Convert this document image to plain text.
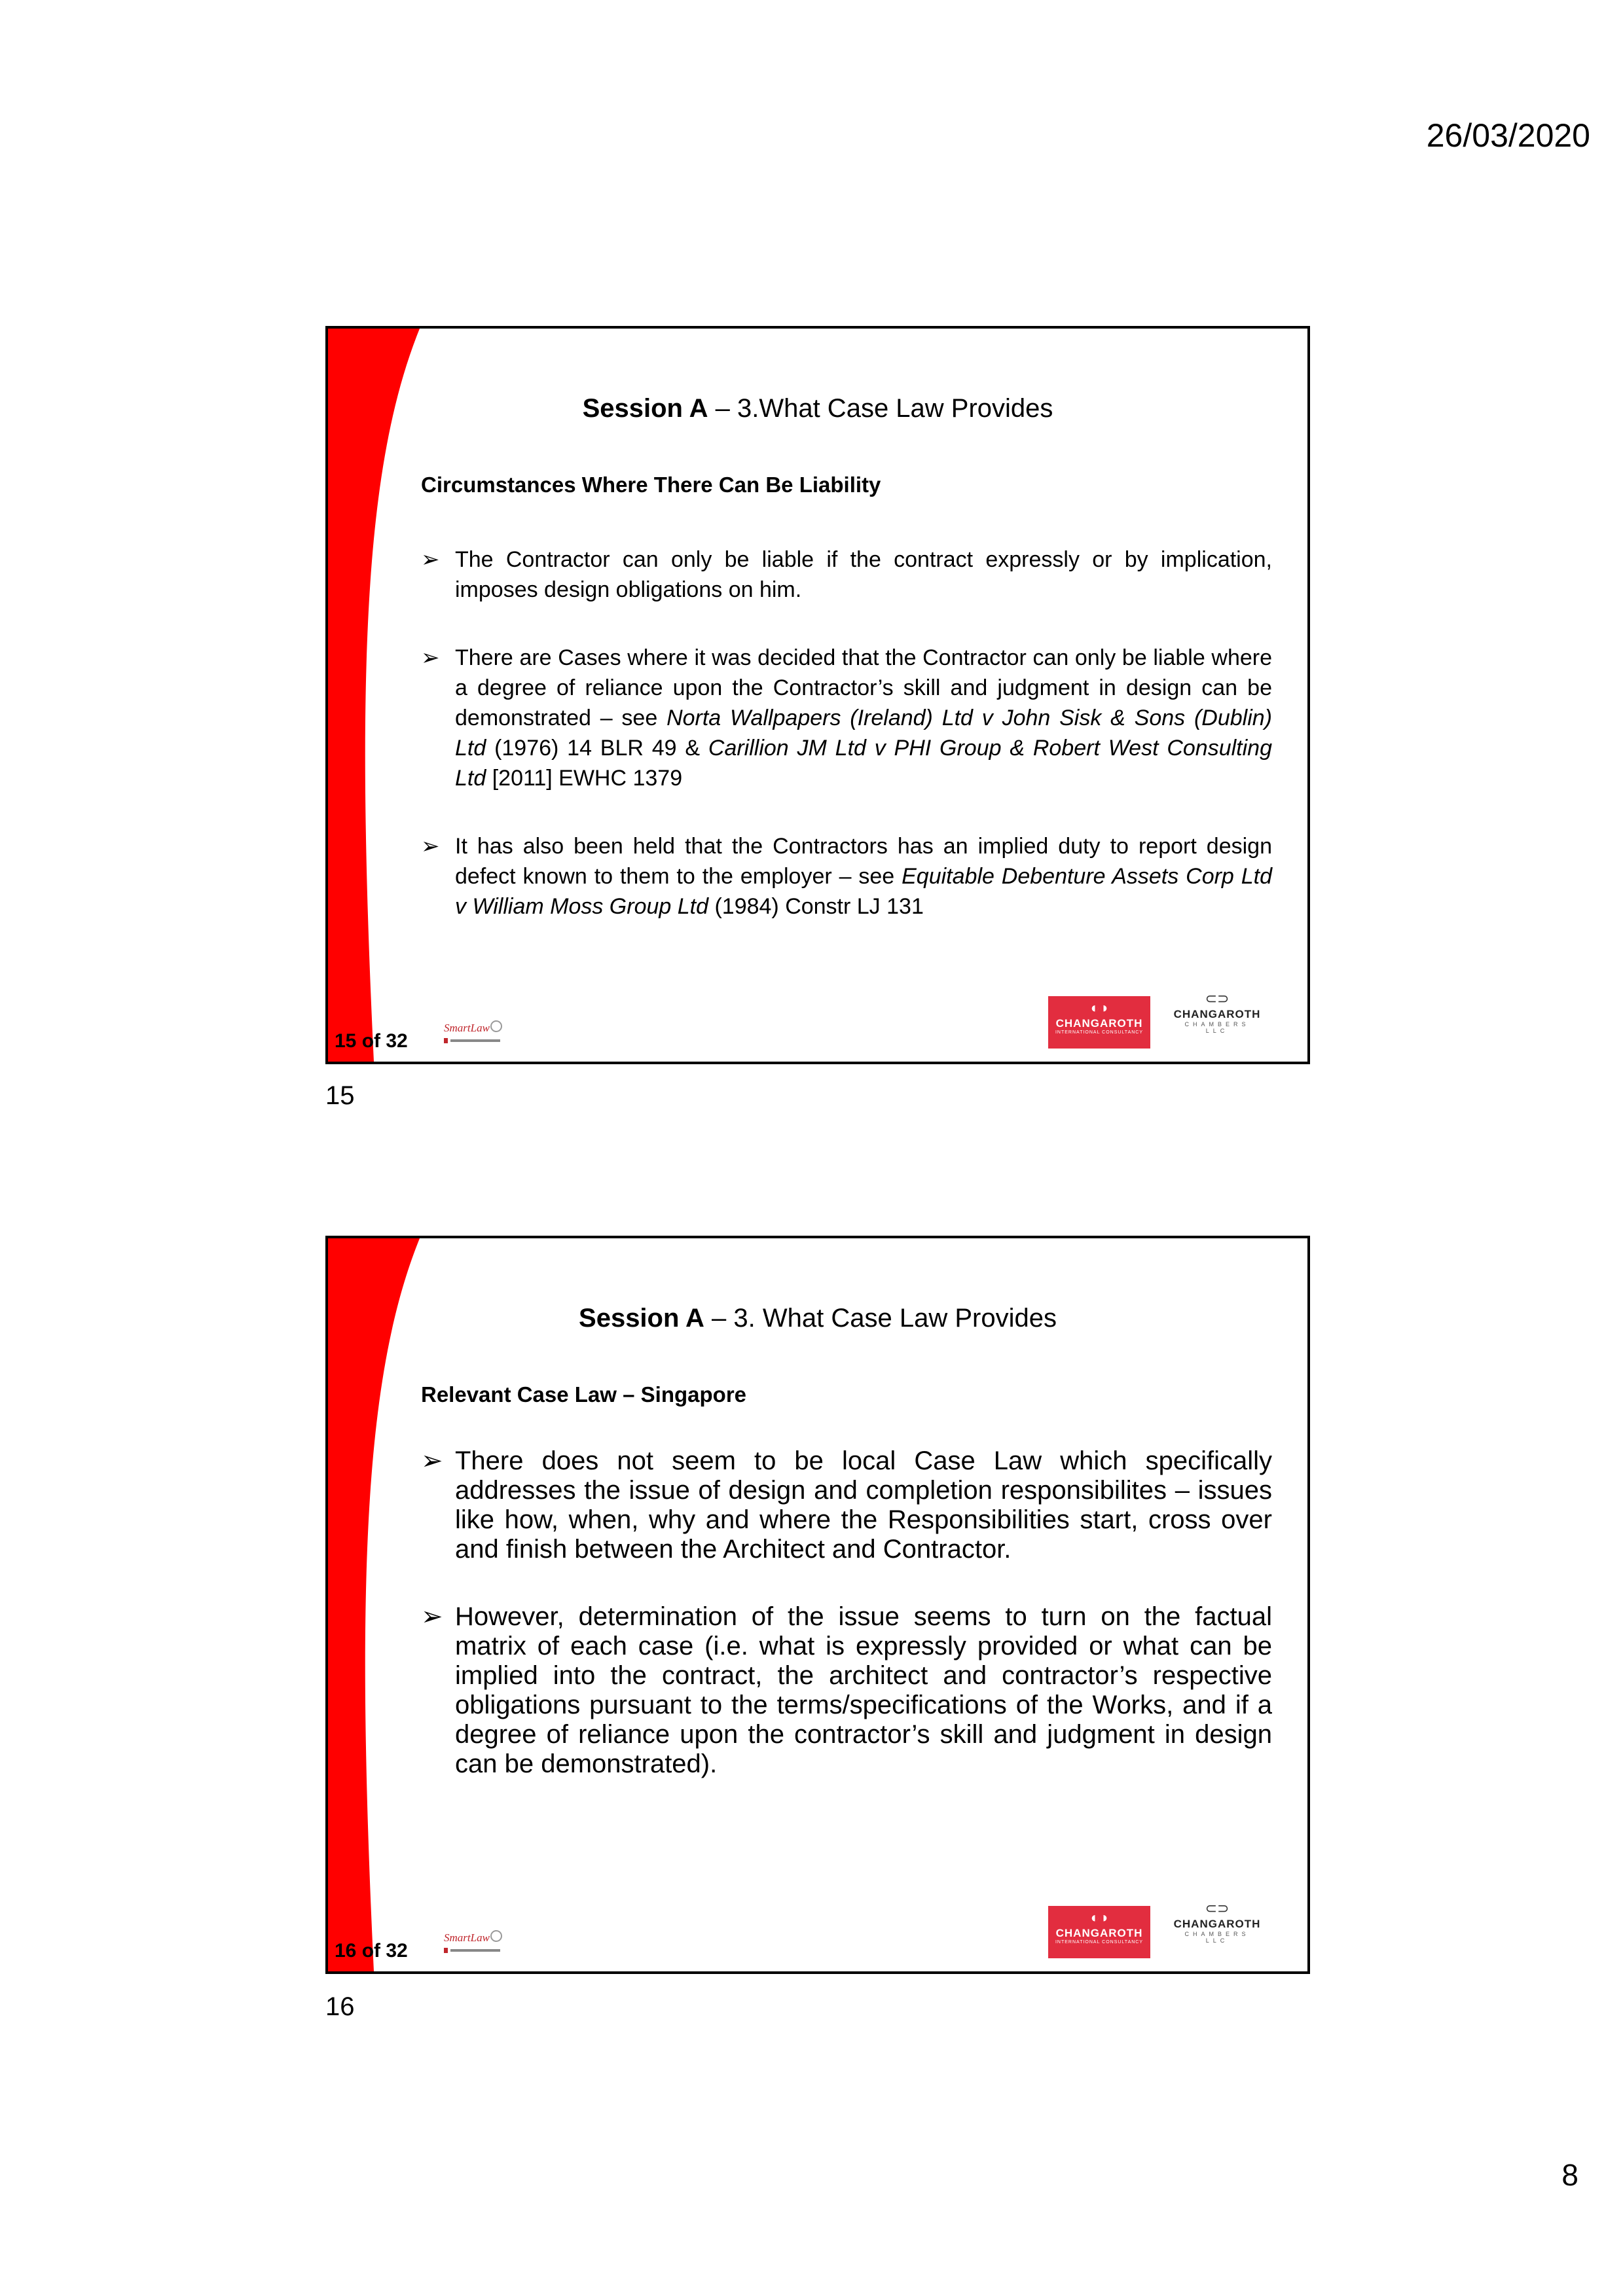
26/03/2020
Session A – 3.What Case Law Provides
Circumstances Where There Can Be Liability
➢ The Contractor can only be liable if the contract expressly or by implication, imposes design obligations on him.
➢ There are Cases where it was decided that the Contractor can only be liable where a degree of reliance upon the Contractor’s skill and judgment in design can be demonstrated – see Norta Wallpapers (Ireland) Ltd v John Sisk & Sons (Dublin) Ltd (1976) 14 BLR 49 & Carillion JM Ltd v PHI Group & Robert West Consulting Ltd [2011] EWHC 1379
➢ It has also been held that the Contractors has an implied duty to report design defect known to them to the employer – see Equitable Debenture Assets Corp Ltd v William Moss Group Ltd (1984) Constr LJ 131
15 of 32
SmartLaw
◐◑
CHANGAROTH
INTERNATIONAL CONSULTANCY
⊂⊃
CHANGAROTH
CHAMBERS LLC
15
Session A – 3. What Case Law Provides
Relevant Case Law – Singapore
➢ There does not seem to be local Case Law which specifically addresses the issue of design and completion responsibilites – issues like how, when, why and where the Responsibilities start, cross over and finish between the Architect and Contractor.
➢ However, determination of the issue seems to turn on the factual matrix of each case (i.e. what is expressly provided or what can be implied into the contract, the architect and contractor’s respective obligations pursuant to the terms/specifications of the Works, and if a degree of reliance upon the contractor’s skill and judgment in design can be demonstrated).
16 of 32
SmartLaw
◐◑
CHANGAROTH
INTERNATIONAL CONSULTANCY
⊂⊃
CHANGAROTH
CHAMBERS LLC
16
8
